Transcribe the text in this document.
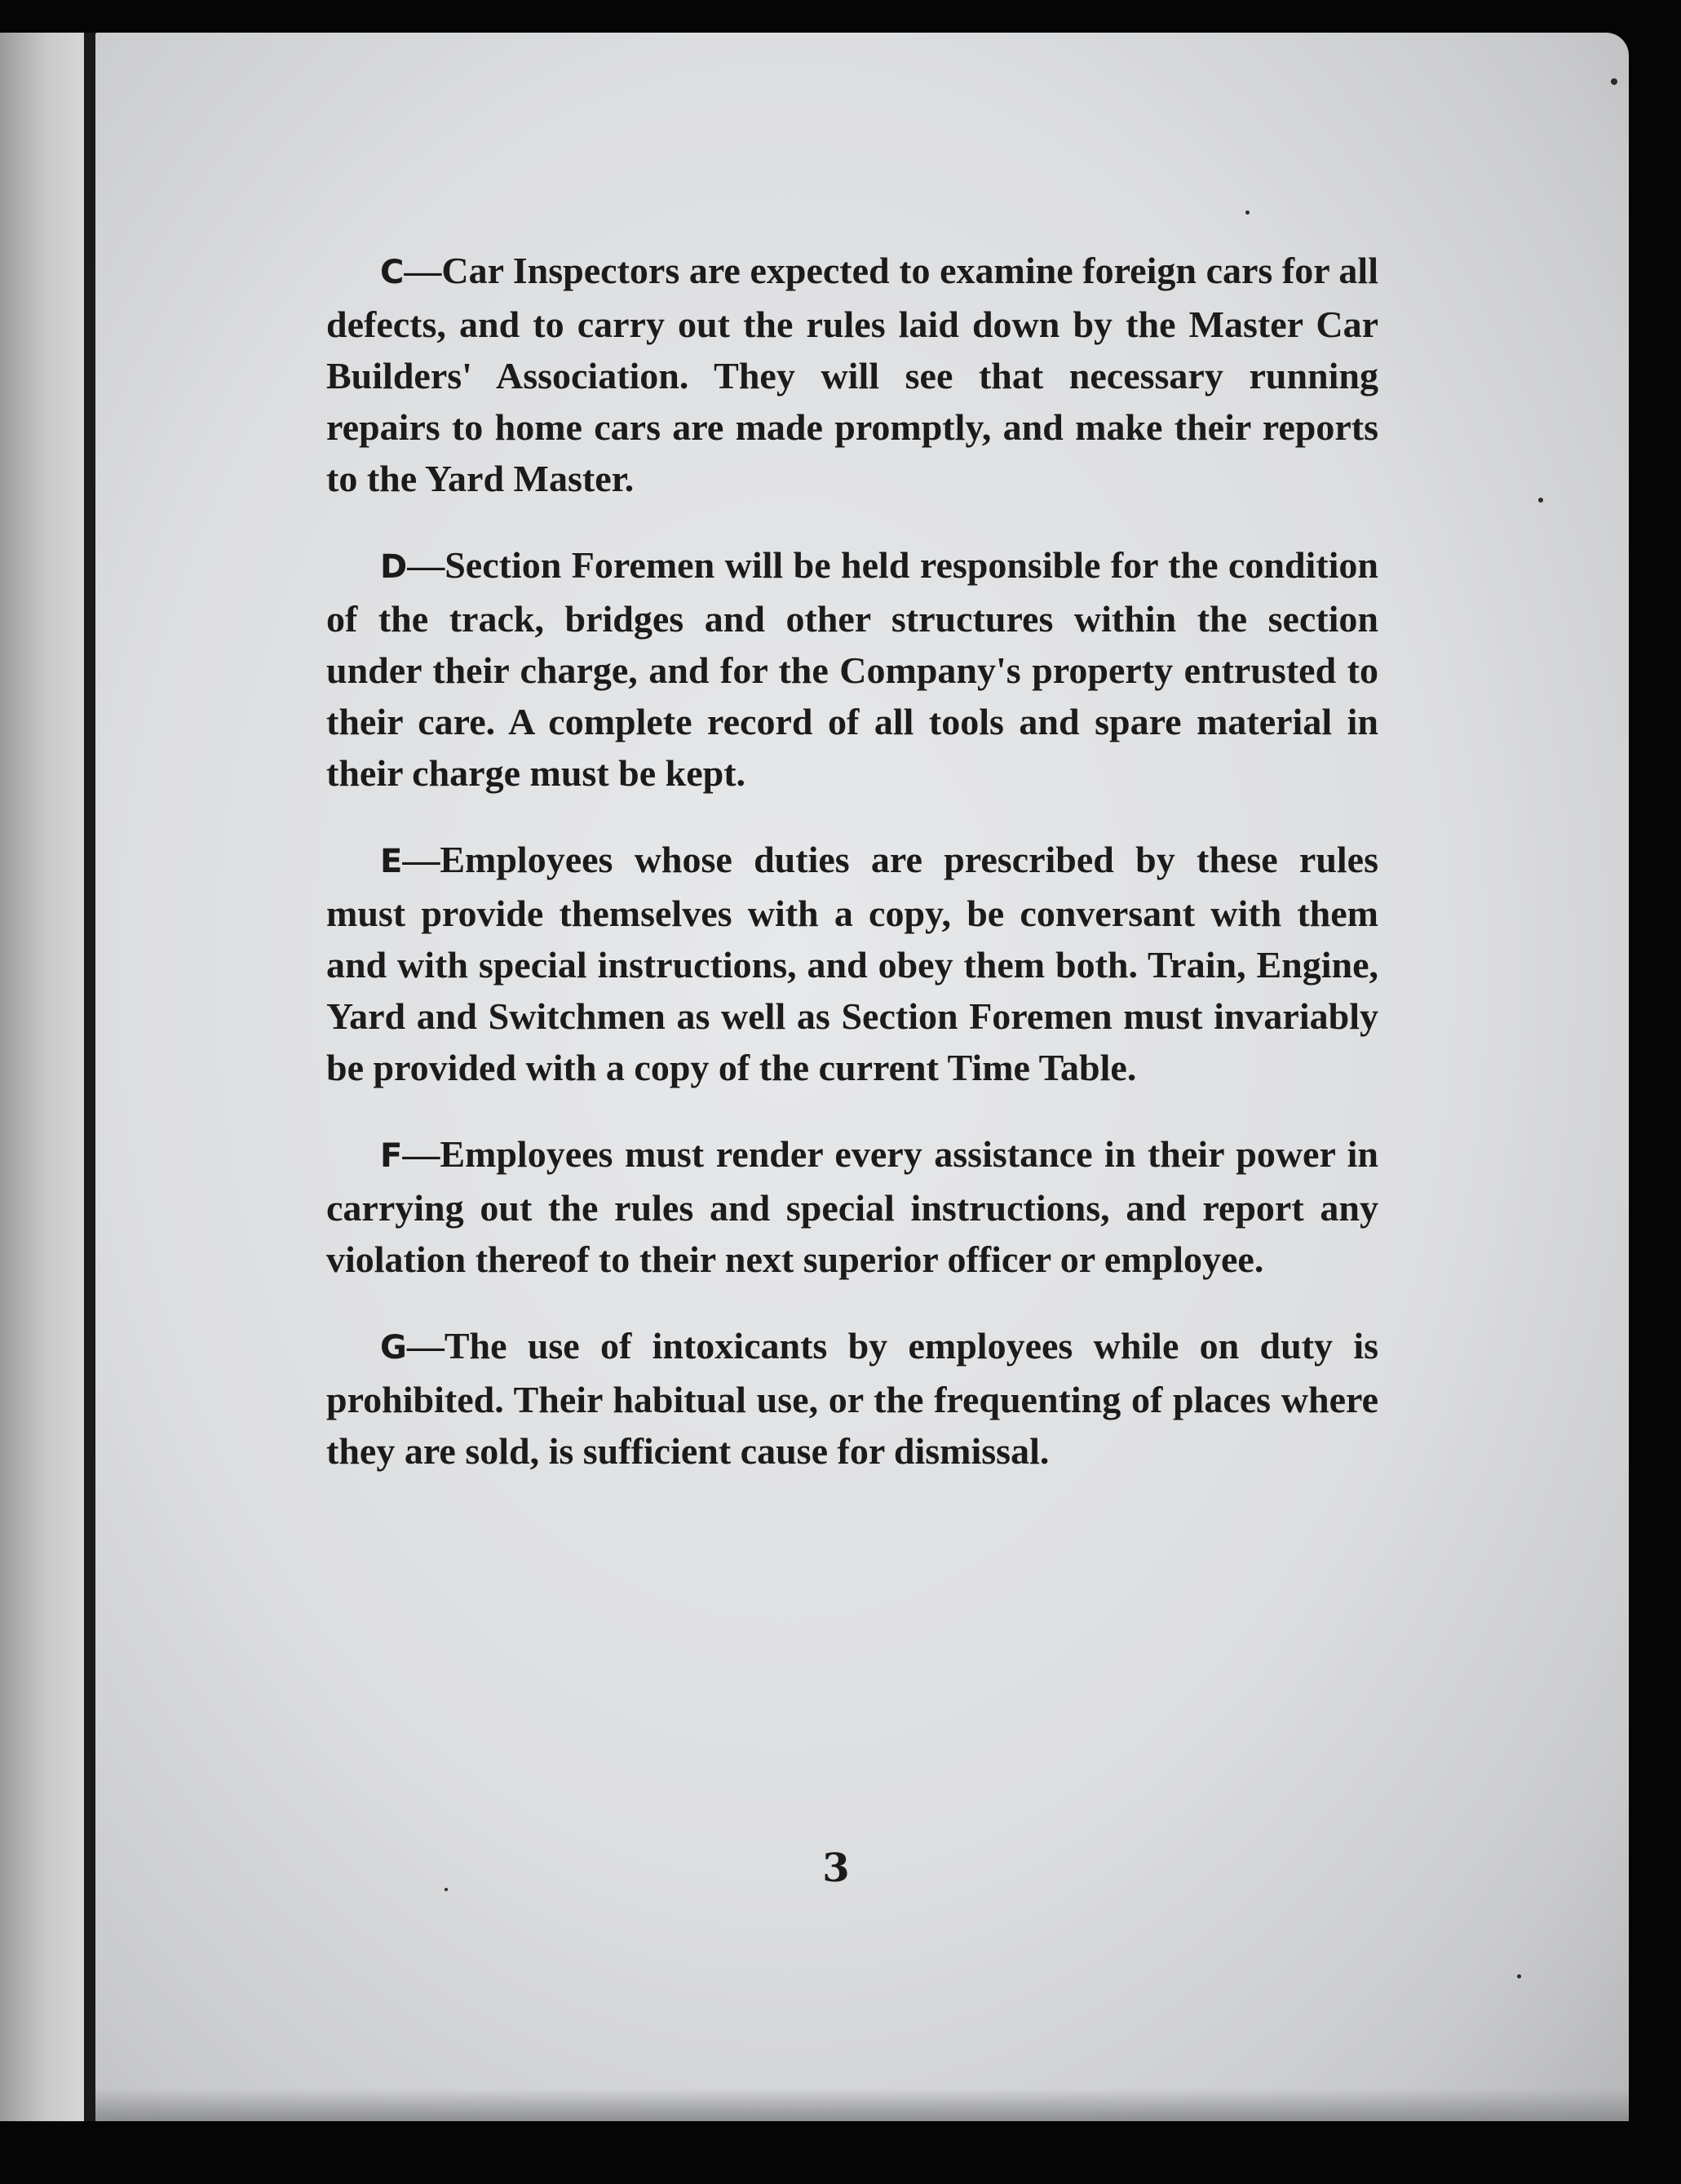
C—Car Inspectors are expected to examine foreign cars for all defects, and to carry out the rules laid down by the Master Car Builders' Association. They will see that necessary running repairs to home cars are made promptly, and make their reports to the Yard Master.

D—Section Foremen will be held responsible for the condition of the track, bridges and other structures within the section under their charge, and for the Company's property entrusted to their care. A complete record of all tools and spare material in their charge must be kept.

E—Employees whose duties are prescribed by these rules must provide themselves with a copy, be conversant with them and with special instructions, and obey them both. Train, Engine, Yard and Switchmen as well as Section Foremen must invariably be provided with a copy of the current Time Table.

F—Employees must render every assistance in their power in carrying out the rules and special instructions, and report any violation thereof to their next superior officer or employee.

G—The use of intoxicants by employees while on duty is prohibited. Their habitual use, or the frequenting of places where they are sold, is sufficient cause for dismissal.

3
